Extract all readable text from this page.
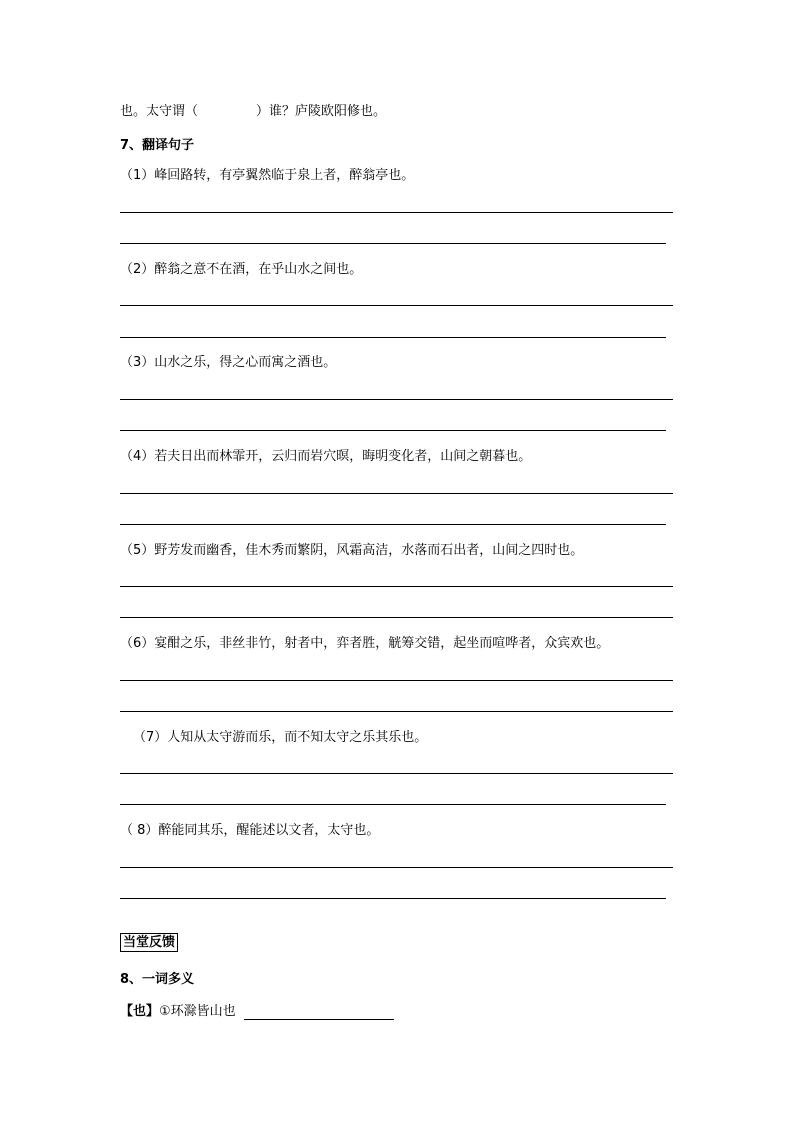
也。太守谓（	）谁？庐陵欧阳修也。
7、翻译句子
（1）峰回路转，有亭翼然临于泉上者，醉翁亭也。
（2）醉翁之意不在酒，在乎山水之间也。
（3）山水之乐，得之心而寓之酒也。
（4）若夫日出而林霏开，云归而岩穴暝，晦明变化者，山间之朝暮也。
（5）野芳发而幽香，佳木秀而繁阴，风霜高洁，水落而石出者，山间之四时也。
（6）宴酣之乐，非丝非竹，射者中，弈者胜，觥筹交错，起坐而喧哗者，众宾欢也。
（7）人知从太守游而乐，而不知太守之乐其乐也。
（ 8）醉能同其乐，醒能述以文者，太守也。
当堂反馈
8、一词多义
【也】①环滁皆山也
